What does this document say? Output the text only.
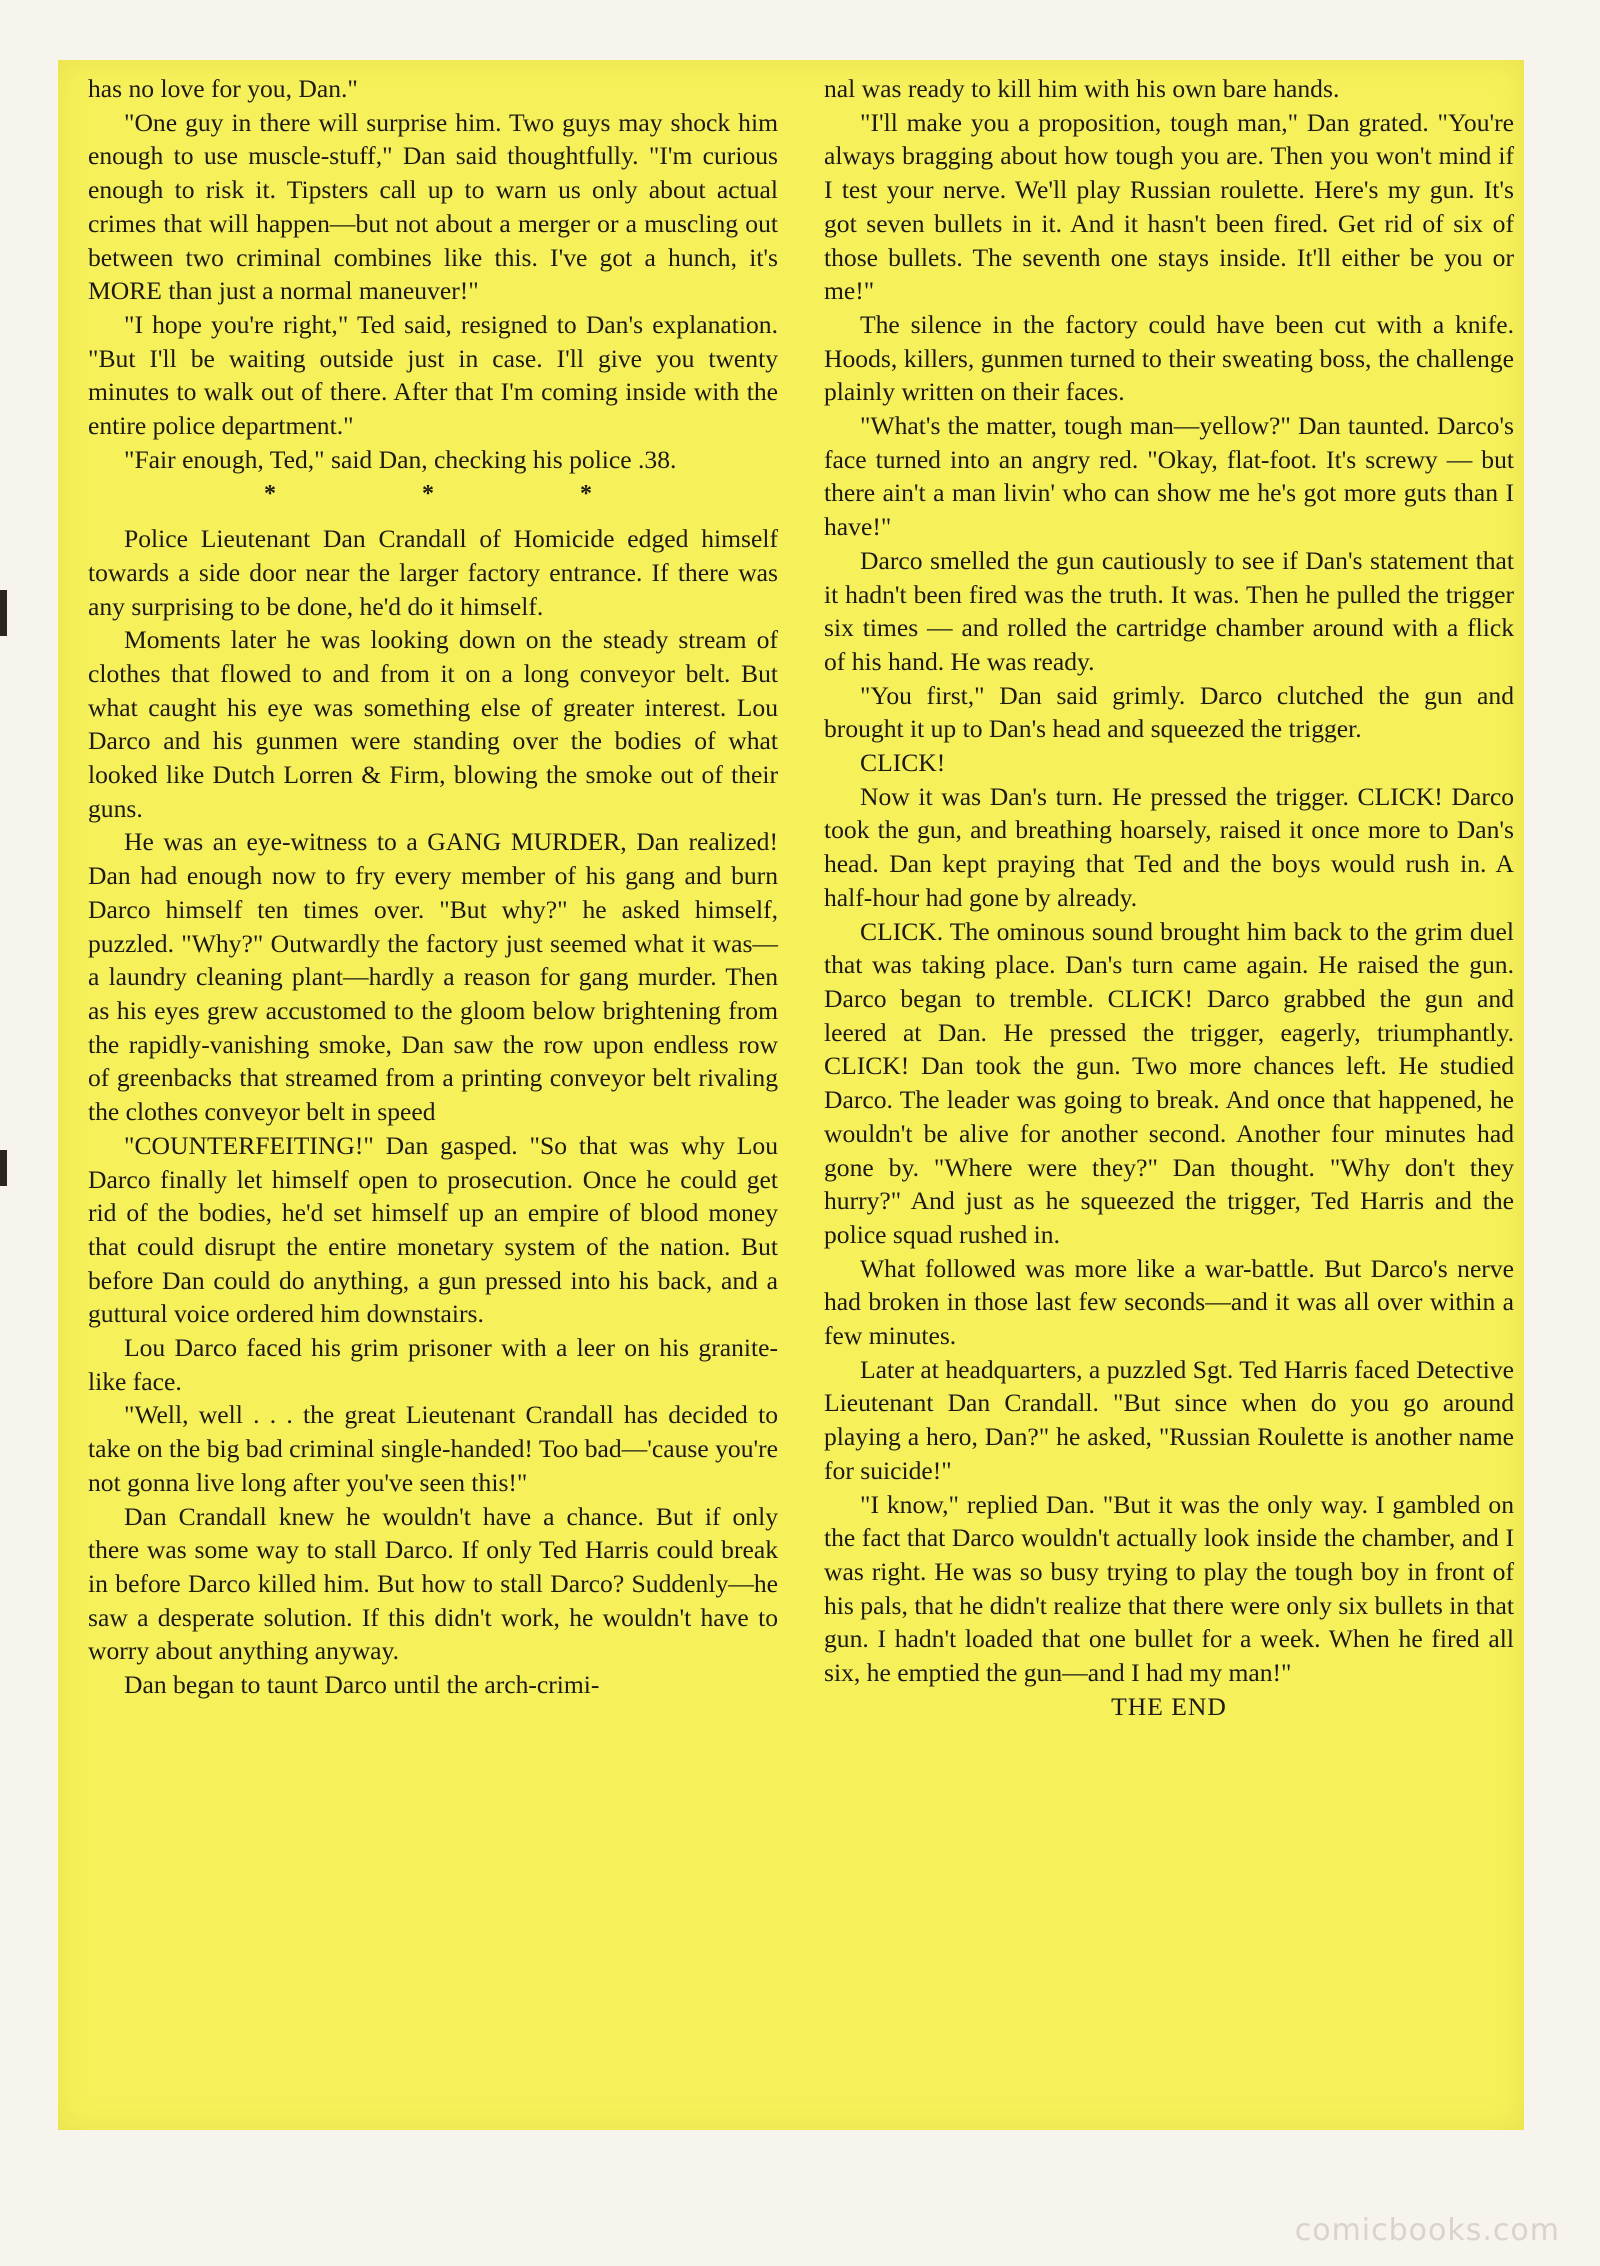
has no love for you, Dan."

"One guy in there will surprise him. Two guys may shock him enough to use muscle-stuff," Dan said thoughtfully. "I'm curious enough to risk it. Tipsters call up to warn us only about actual crimes that will happen—but not about a merger or a muscling out between two criminal combines like this. I've got a hunch, it's MORE than just a normal maneuver!"

"I hope you're right," Ted said, resigned to Dan's explanation. "But I'll be waiting outside just in case. I'll give you twenty minutes to walk out of there. After that I'm coming inside with the entire police department."

"Fair enough, Ted," said Dan, checking his police .38.

* * *

Police Lieutenant Dan Crandall of Homicide edged himself towards a side door near the larger factory entrance. If there was any surprising to be done, he'd do it himself.

Moments later he was looking down on the steady stream of clothes that flowed to and from it on a long conveyor belt. But what caught his eye was something else of greater interest. Lou Darco and his gunmen were standing over the bodies of what looked like Dutch Lorren & Firm, blowing the smoke out of their guns.

He was an eye-witness to a GANG MURDER, Dan realized! Dan had enough now to fry every member of his gang and burn Darco himself ten times over. "But why?" he asked himself, puzzled. "Why?" Outwardly the factory just seemed what it was—a laundry cleaning plant—hardly a reason for gang murder. Then as his eyes grew accustomed to the gloom below brightening from the rapidly-vanishing smoke, Dan saw the row upon endless row of greenbacks that streamed from a printing conveyor belt rivaling the clothes conveyor belt in speed

"COUNTERFEITING!" Dan gasped. "So that was why Lou Darco finally let himself open to prosecution. Once he could get rid of the bodies, he'd set himself up an empire of blood money that could disrupt the entire monetary system of the nation. But before Dan could do anything, a gun pressed into his back, and a guttural voice ordered him downstairs.

Lou Darco faced his grim prisoner with a leer on his granite-like face.

"Well, well . . . the great Lieutenant Crandall has decided to take on the big bad criminal single-handed! Too bad—'cause you're not gonna live long after you've seen this!"

Dan Crandall knew he wouldn't have a chance. But if only there was some way to stall Darco. If only Ted Harris could break in before Darco killed him. But how to stall Darco? Suddenly—he saw a desperate solution. If this didn't work, he wouldn't have to worry about anything anyway.

Dan began to taunt Darco until the arch-crimi-

nal was ready to kill him with his own bare hands.

"I'll make you a proposition, tough man," Dan grated. "You're always bragging about how tough you are. Then you won't mind if I test your nerve. We'll play Russian roulette. Here's my gun. It's got seven bullets in it. And it hasn't been fired. Get rid of six of those bullets. The seventh one stays inside. It'll either be you or me!"

The silence in the factory could have been cut with a knife. Hoods, killers, gunmen turned to their sweating boss, the challenge plainly written on their faces.

"What's the matter, tough man—yellow?" Dan taunted. Darco's face turned into an angry red. "Okay, flat-foot. It's screwy — but there ain't a man livin' who can show me he's got more guts than I have!"

Darco smelled the gun cautiously to see if Dan's statement that it hadn't been fired was the truth. It was. Then he pulled the trigger six times — and rolled the cartridge chamber around with a flick of his hand. He was ready.

"You first," Dan said grimly. Darco clutched the gun and brought it up to Dan's head and squeezed the trigger.

CLICK!

Now it was Dan's turn. He pressed the trigger. CLICK! Darco took the gun, and breathing hoarsely, raised it once more to Dan's head. Dan kept praying that Ted and the boys would rush in. A half-hour had gone by already.

CLICK. The ominous sound brought him back to the grim duel that was taking place. Dan's turn came again. He raised the gun. Darco began to tremble. CLICK! Darco grabbed the gun and leered at Dan. He pressed the trigger, eagerly, triumphantly. CLICK! Dan took the gun. Two more chances left. He studied Darco. The leader was going to break. And once that happened, he wouldn't be alive for another second. Another four minutes had gone by. "Where were they?" Dan thought. "Why don't they hurry?" And just as he squeezed the trigger, Ted Harris and the police squad rushed in.

What followed was more like a war-battle. But Darco's nerve had broken in those last few seconds—and it was all over within a few minutes.

Later at headquarters, a puzzled Sgt. Ted Harris faced Detective Lieutenant Dan Crandall. "But since when do you go around playing a hero, Dan?" he asked, "Russian Roulette is another name for suicide!"

"I know," replied Dan. "But it was the only way. I gambled on the fact that Darco wouldn't actually look inside the chamber, and I was right. He was so busy trying to play the tough boy in front of his pals, that he didn't realize that there were only six bullets in that gun. I hadn't loaded that one bullet for a week. When he fired all six, he emptied the gun—and I had my man!"

THE END

comicbooks.com
